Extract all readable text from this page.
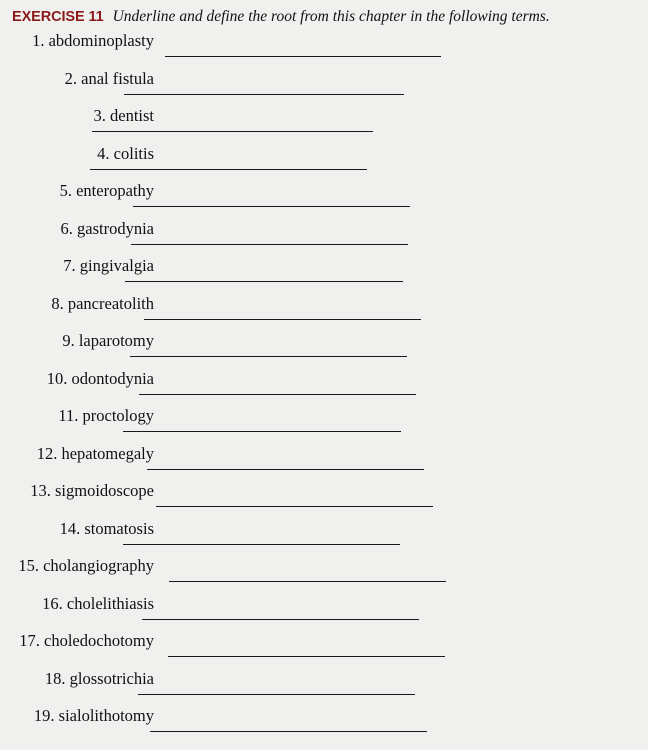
EXERCISE 11 Underline and define the root from this chapter in the following terms.
1. abdominoplasty
2. anal fistula
3. dentist
4. colitis
5. enteropathy
6. gastrodynia
7. gingivalgia
8. pancreatolith
9. laparotomy
10. odontodynia
11. proctology
12. hepatomegaly
13. sigmoidoscope
14. stomatosis
15. cholangiography
16. cholelithiasis
17. choledochotomy
18. glossotrichia
19. sialolithotomy
